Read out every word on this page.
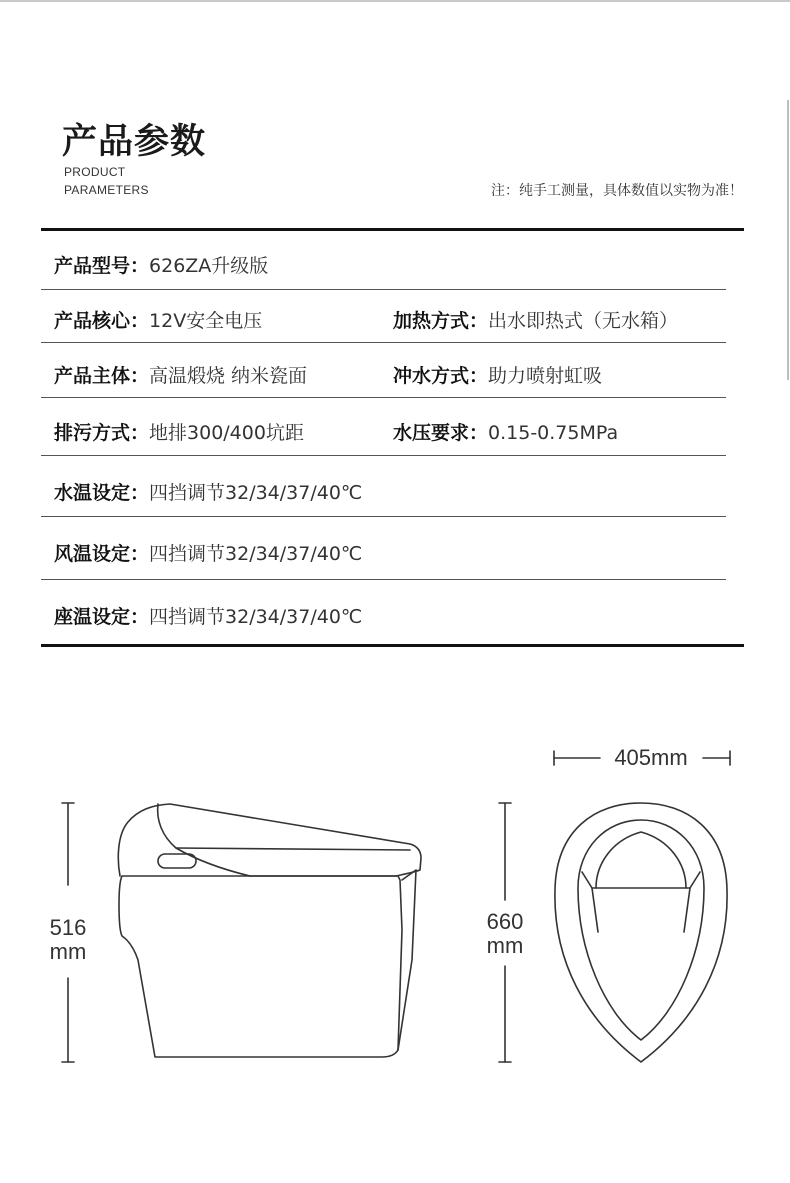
产品参数
PRODUCT
PARAMETERS	注：纯手工测量，具体数值以实物为准！
产品型号：626ZA升级版
产品核心：12V安全电压	加热方式：出水即热式（无水箱）
产品主体：高温煅烧 纳米瓷面	冲水方式：助力喷射虹吸
排污方式：地排300/400坑距	水压要求：0.15-0.75MPa
水温设定：四挡调节32/34/37/40℃
风温设定：四挡调节32/34/37/40℃
座温设定：四挡调节32/34/37/40℃
516
mm
660
mm
405mm
